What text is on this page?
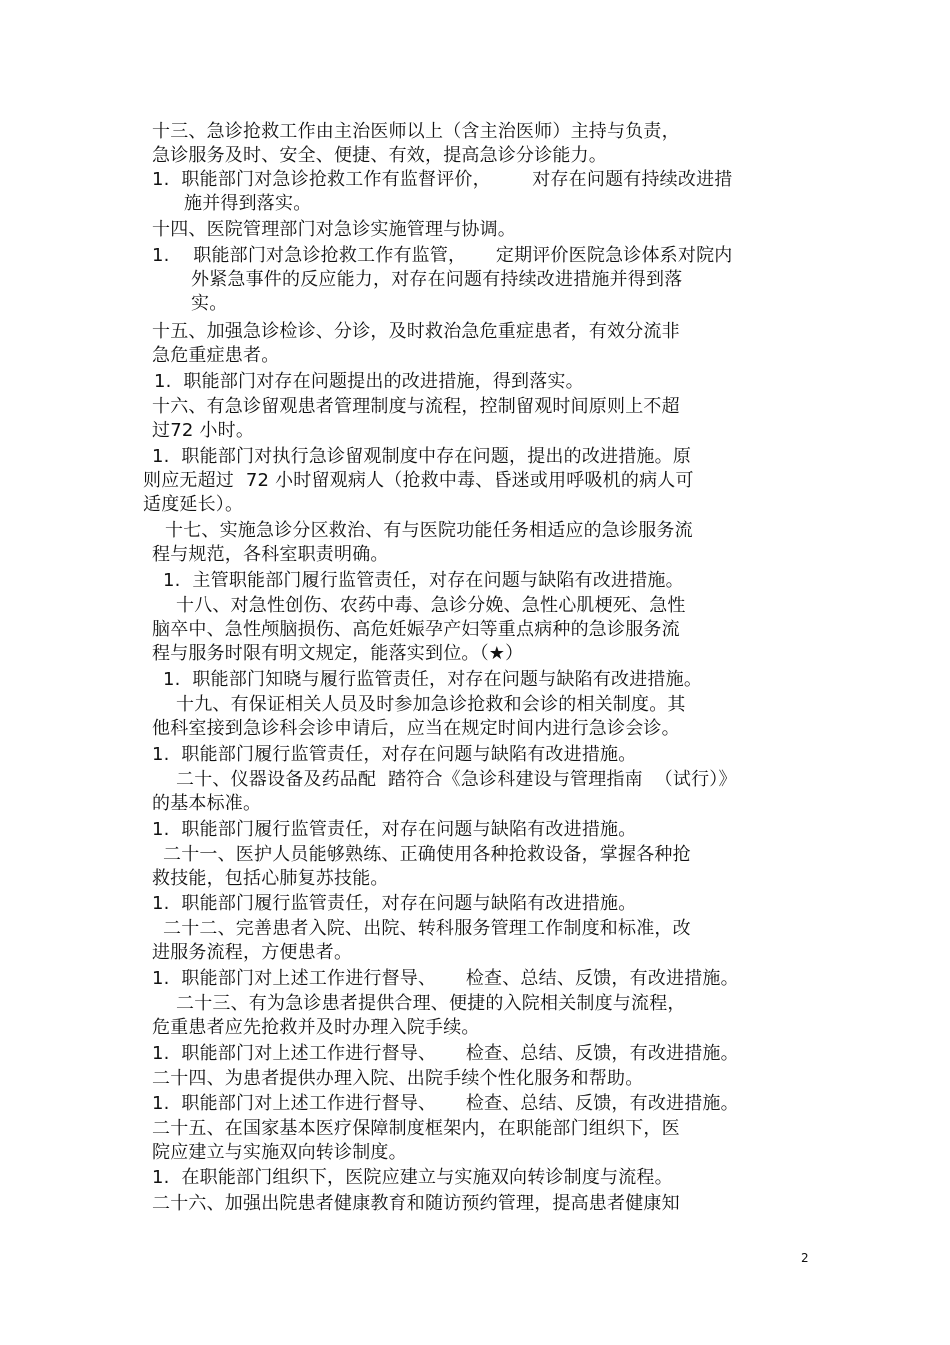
十三、急诊抢救工作由主治医师以上（含主治医师）主持与负责，
急诊服务及时、安全、便捷、有效，提高急诊分诊能力。
1.  职能部门对急诊抢救工作有监督评价，       对存在问题有持续改进措
施并得到落实。
十四、医院管理部门对急诊实施管理与协调。
1.    职能部门对急诊抢救工作有监管，     定期评价医院急诊体系对院内
外紧急事件的反应能力，对存在问题有持续改进措施并得到落
实。
十五、加强急诊检诊、分诊，及时救治急危重症患者，有效分流非
急危重症患者。
1.  职能部门对存在问题提出的改进措施，得到落实。
十六、有急诊留观患者管理制度与流程，控制留观时间原则上不超
过72 小时。
1.  职能部门对执行急诊留观制度中存在问题，提出的改进措施。原
则应无超过  72 小时留观病人（抢救中毒、昏迷或用呼吸机的病人可
适度延长）。
十七、实施急诊分区救治、有与医院功能任务相适应的急诊服务流
程与规范，各科室职责明确。
1.  主管职能部门履行监管责任，对存在问题与缺陷有改进措施。
十八、对急性创伤、农药中毒、急诊分娩、急性心肌梗死、急性
脑卒中、急性颅脑损伤、高危妊娠孕产妇等重点病种的急诊服务流
程与服务时限有明文规定，能落实到位。（★）
1.  职能部门知晓与履行监管责任，对存在问题与缺陷有改进措施。
十九、有保证相关人员及时参加急诊抢救和会诊的相关制度。其
他科室接到急诊科会诊申请后，应当在规定时间内进行急诊会诊。
1.  职能部门履行监管责任，对存在问题与缺陷有改进措施。
二十、仪器设备及药品配  踏符合《急诊科建设与管理指南  （试行）》
的基本标准。
1.  职能部门履行监管责任，对存在问题与缺陷有改进措施。
二十一、医护人员能够熟练、正确使用各种抢救设备，掌握各种抢
救技能，包括心肺复苏技能。
1.  职能部门履行监管责任，对存在问题与缺陷有改进措施。
二十二、完善患者入院、出院、转科服务管理工作制度和标准，改
进服务流程，方便患者。
1.  职能部门对上述工作进行督导、     检查、总结、反馈，有改进措施。
二十三、有为急诊患者提供合理、便捷的入院相关制度与流程，
危重患者应先抢救并及时办理入院手续。
1.  职能部门对上述工作进行督导、     检查、总结、反馈，有改进措施。
二十四、为患者提供办理入院、出院手续个性化服务和帮助。
1.  职能部门对上述工作进行督导、     检查、总结、反馈，有改进措施。
二十五、在国家基本医疗保障制度框架内，在职能部门组织下，医
院应建立与实施双向转诊制度。
1.  在职能部门组织下，医院应建立与实施双向转诊制度与流程。
二十六、加强出院患者健康教育和随访预约管理，提高患者健康知
2
